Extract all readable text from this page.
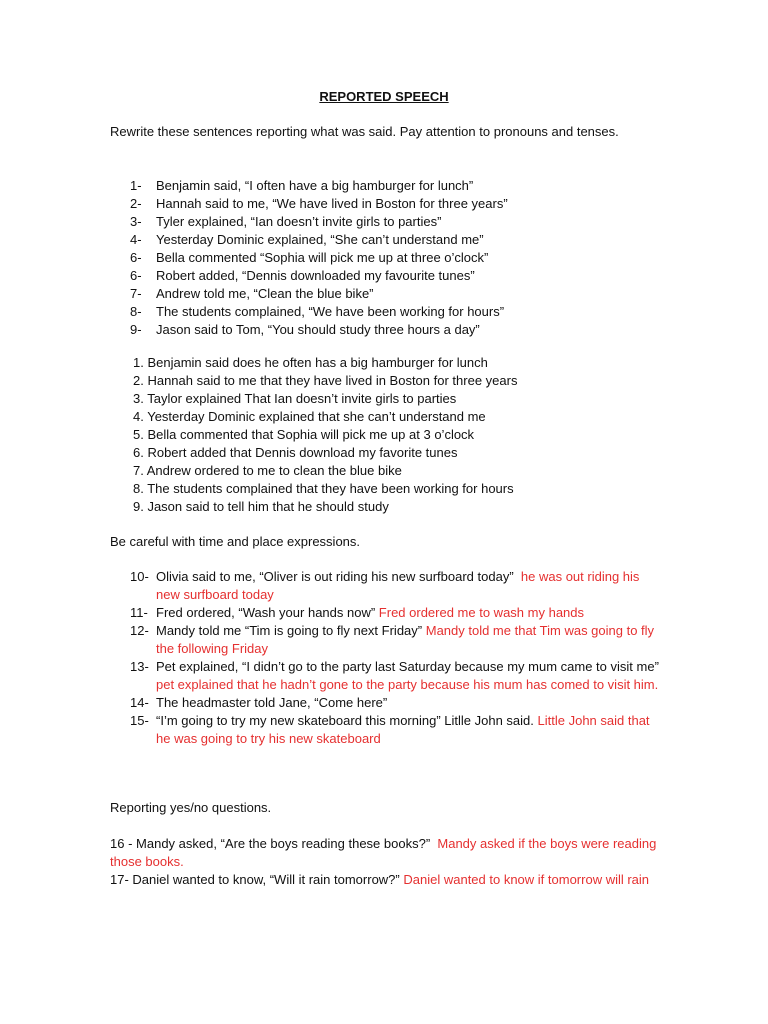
REPORTED SPEECH
Rewrite these sentences reporting what was said. Pay attention to pronouns and tenses.
1-	Benjamin said, “I often have a big hamburger for lunch”
2-	Hannah said to me, “We have lived in Boston for three years”
3-	Tyler explained, “Ian doesn’t invite girls to parties”
4-	Yesterday Dominic explained, “She can’t understand me”
6-	Bella commented “Sophia will pick me up at three o’clock”
6-	Robert added, “Dennis downloaded my favourite tunes”
7-	Andrew told me, “Clean the blue bike”
8-	The students complained, “We have been working for hours”
9-	Jason said to Tom, “You should study three hours a day”
1. Benjamin said does he often has a big hamburger for lunch
2. Hannah said to me that they have lived in Boston for three years
3. Taylor explained That Ian doesn’t invite girls to parties
4. Yesterday Dominic explained that she can’t understand me
5. Bella commented that Sophia will pick me up at 3 o’clock
6. Robert added that Dennis download my favorite tunes
7. Andrew ordered to me to clean the blue bike
8. The students complained that they have been working for hours
9. Jason said to tell him that he should study
Be careful with time and place expressions.
10- Olivia said to me, “Oliver is out riding his new surfboard today” he was out riding his new surfboard today
11- Fred ordered, “Wash your hands now” Fred ordered me to wash my hands
12- Mandy told me “Tim is going to fly next Friday” Mandy told me that Tim was going to fly the following Friday
13- Pet explained, “I didn’t go to the party last Saturday because my mum came to visit me” pet explained that he hadn’t gone to the party because his mum has comed to visit him.
14- The headmaster told Jane, “Come here”
15- “I’m going to try my new skateboard this morning” Litlle John said. Little John said that he was going to try his new skateboard
Reporting yes/no questions.
16 - Mandy asked, “Are the boys reading these books?” Mandy asked if the boys were reading those books.
17- Daniel wanted to know, “Will it rain tomorrow?” Daniel wanted to know if tomorrow will rain
